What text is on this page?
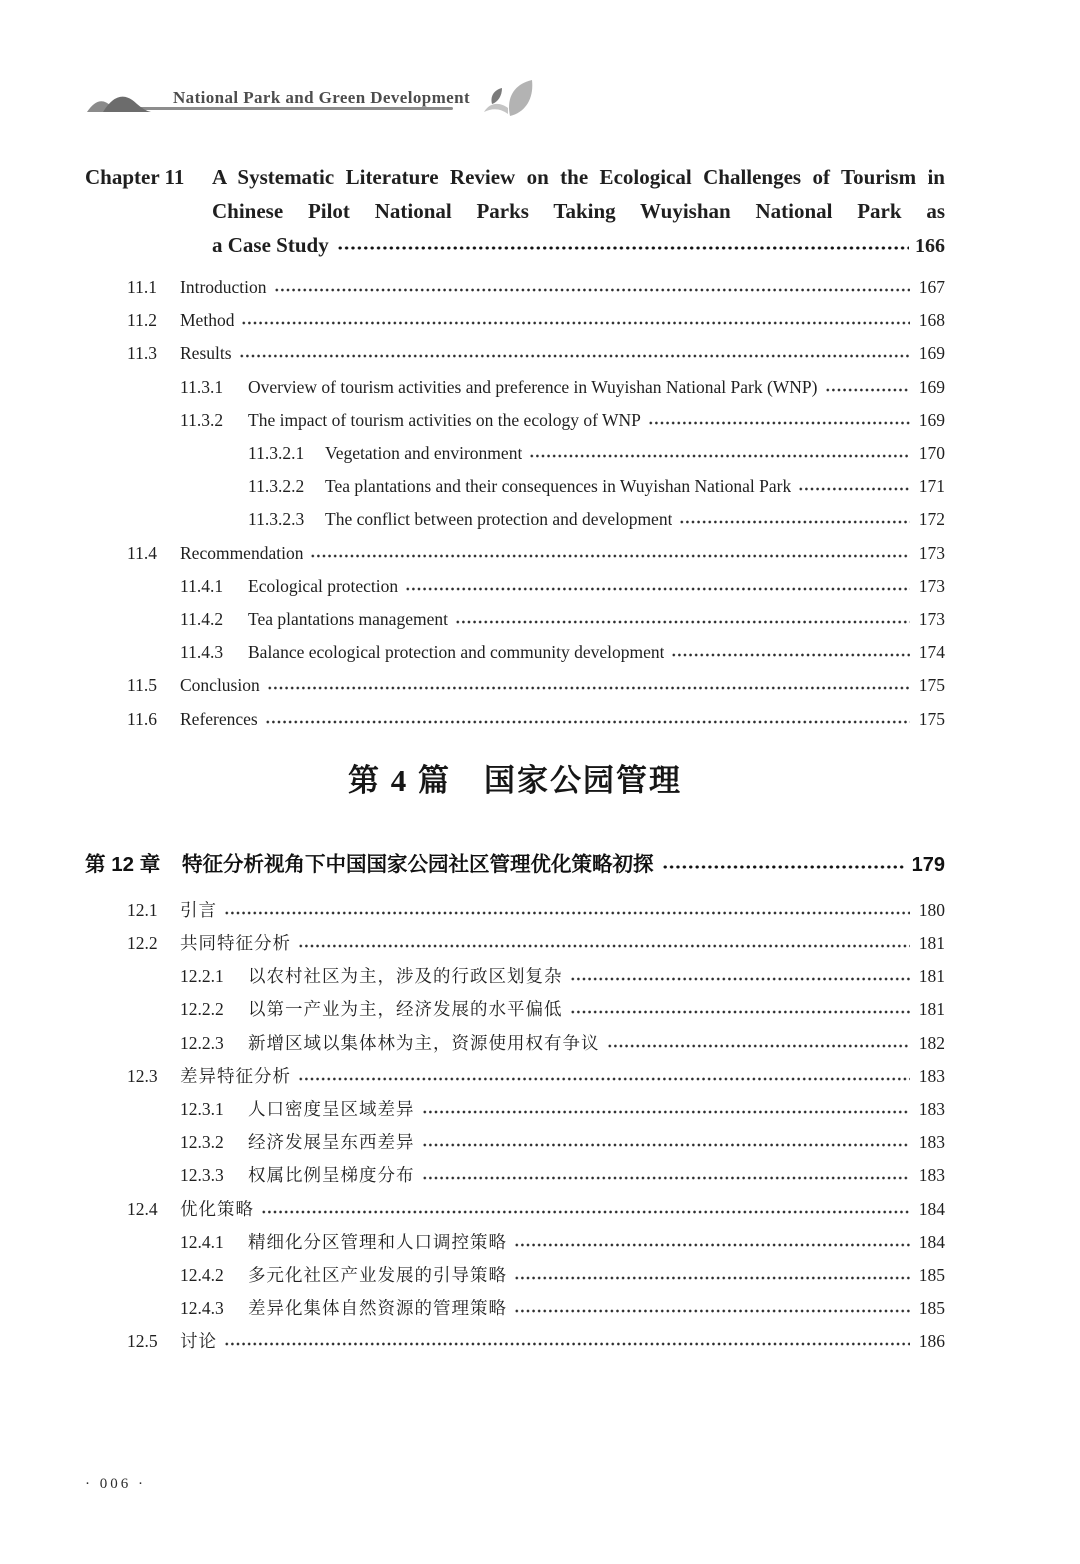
National Park and Green Development
Chapter 11	A Systematic Literature Review on the Ecological Challenges of Tourism in
Chinese Pilot National Parks Taking Wuyishan National Park as
a Case Study	166
11.1	Introduction	167
11.2	Method	168
11.3	Results	169
11.3.1	Overview of tourism activities and preference in Wuyishan National Park (WNP)	169
11.3.2	The impact of tourism activities on the ecology of WNP	169
11.3.2.1	Vegetation and environment	170
11.3.2.2	Tea plantations and their consequences in Wuyishan National Park	171
11.3.2.3	The conflict between protection and development	172
11.4	Recommendation	173
11.4.1	Ecological protection	173
11.4.2	Tea plantations management	173
11.4.3	Balance ecological protection and community development	174
11.5	Conclusion	175
11.6	References	175
第 4 篇　国家公园管理
第 12 章	特征分析视角下中国国家公园社区管理优化策略初探	179
12.1	引言	180
12.2	共同特征分析	181
12.2.1	以农村社区为主，涉及的行政区划复杂	181
12.2.2	以第一产业为主，经济发展的水平偏低	181
12.2.3	新增区域以集体林为主，资源使用权有争议	182
12.3	差异特征分析	183
12.3.1	人口密度呈区域差异	183
12.3.2	经济发展呈东西差异	183
12.3.3	权属比例呈梯度分布	183
12.4	优化策略	184
12.4.1	精细化分区管理和人口调控策略	184
12.4.2	多元化社区产业发展的引导策略	185
12.4.3	差异化集体自然资源的管理策略	185
12.5	讨论	186
· 006 ·
